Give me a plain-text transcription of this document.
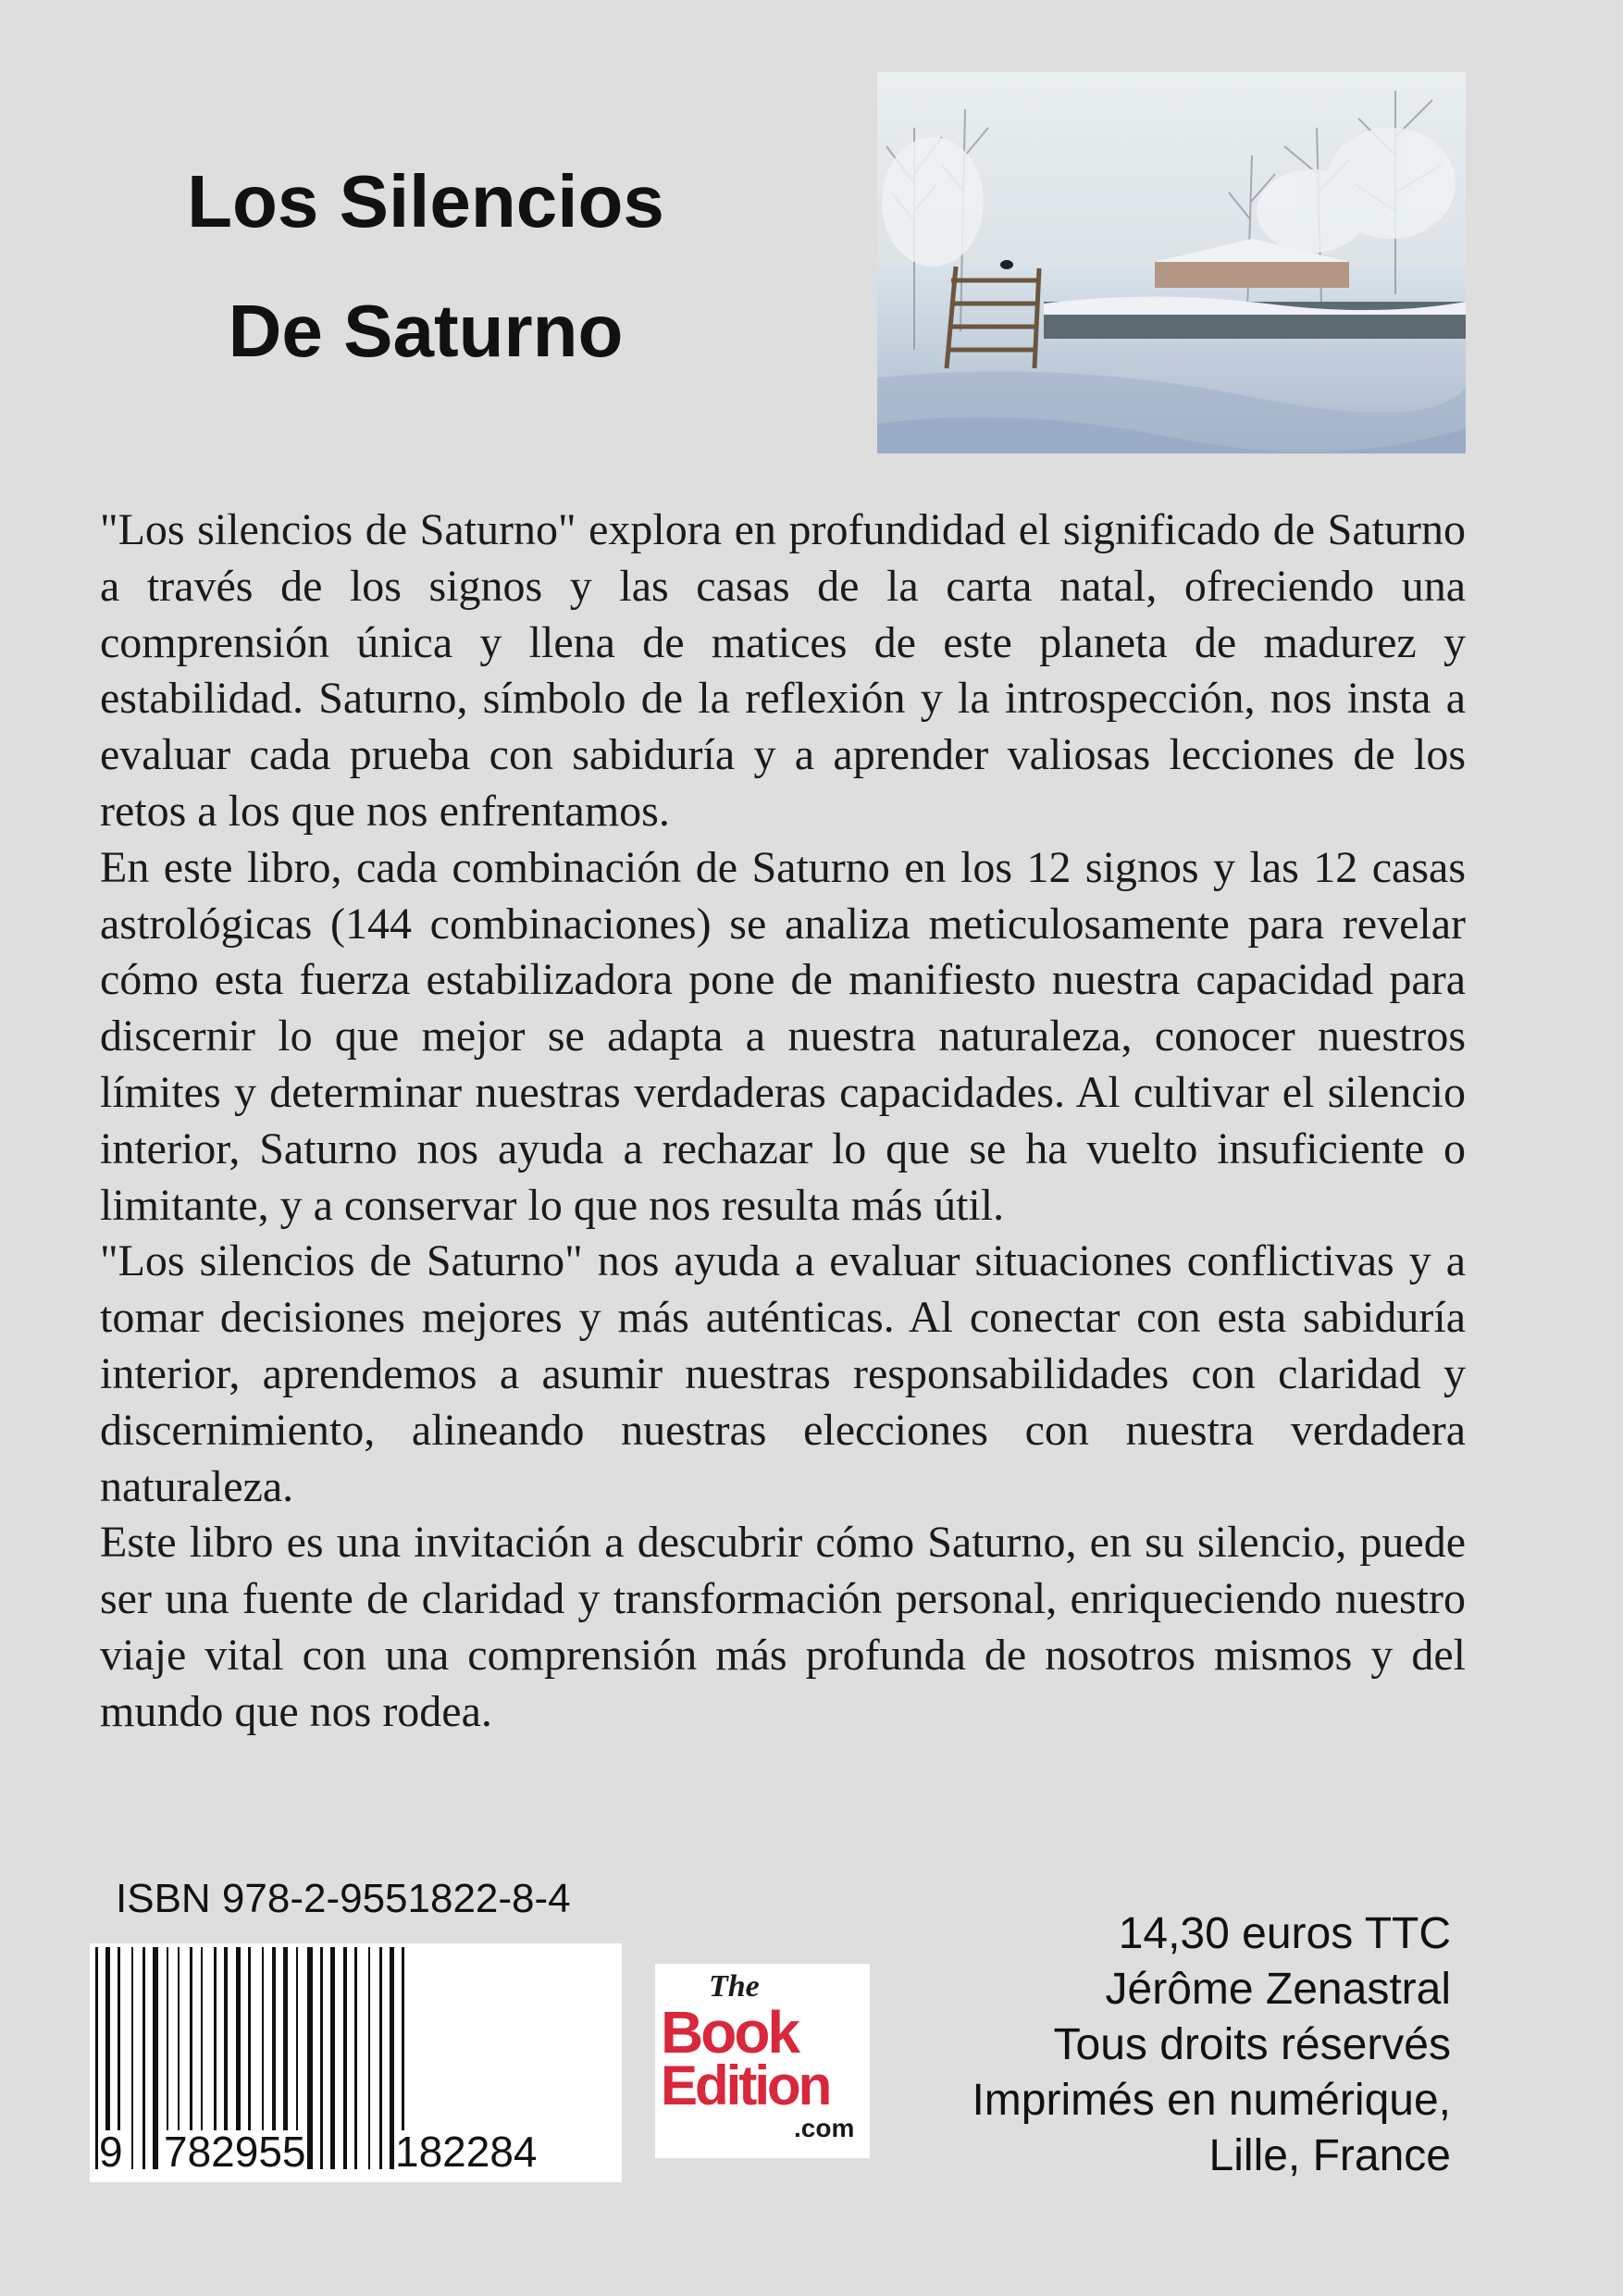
Los Silencios
De Saturno

"Los silencios de Saturno" explora en profundidad el significado de Saturno a través de los signos y las casas de la carta natal, ofreciendo una comprensión única y llena de matices de este planeta de madurez y estabilidad. Saturno, símbolo de la reflexión y la introspección, nos insta a evaluar cada prueba con sabiduría y a aprender valiosas lecciones de los retos a los que nos enfrentamos.

En este libro, cada combinación de Saturno en los 12 signos y las 12 casas astrológicas (144 combinaciones) se analiza meticulosamente para revelar cómo esta fuerza estabilizadora pone de manifiesto nuestra capacidad para discernir lo que mejor se adapta a nuestra naturaleza, conocer nuestros límites y determinar nuestras verdaderas capacidades. Al cultivar el silencio interior, Saturno nos ayuda a rechazar lo que se ha vuelto insuficiente o limitante, y a conservar lo que nos resulta más útil.

"Los silencios de Saturno" nos ayuda a evaluar situaciones conflictivas y a tomar decisiones mejores y más auténticas. Al conectar con esta sabiduría interior, aprendemos a asumir nuestras responsabilidades con claridad y discernimiento, alineando nuestras elecciones con nuestra verdadera naturaleza.

Este libro es una invitación a descubrir cómo Saturno, en su silencio, puede ser una fuente de claridad y transformación personal, enriqueciendo nuestro viaje vital con una comprensión más profunda de nosotros mismos y del mundo que nos rodea.

ISBN 978-2-9551822-8-4
9 782955 182284
The
Book
Edition
.com
14,30 euros TTC
Jérôme Zenastral
Tous droits réservés
Imprimés en numérique,
Lille, France
